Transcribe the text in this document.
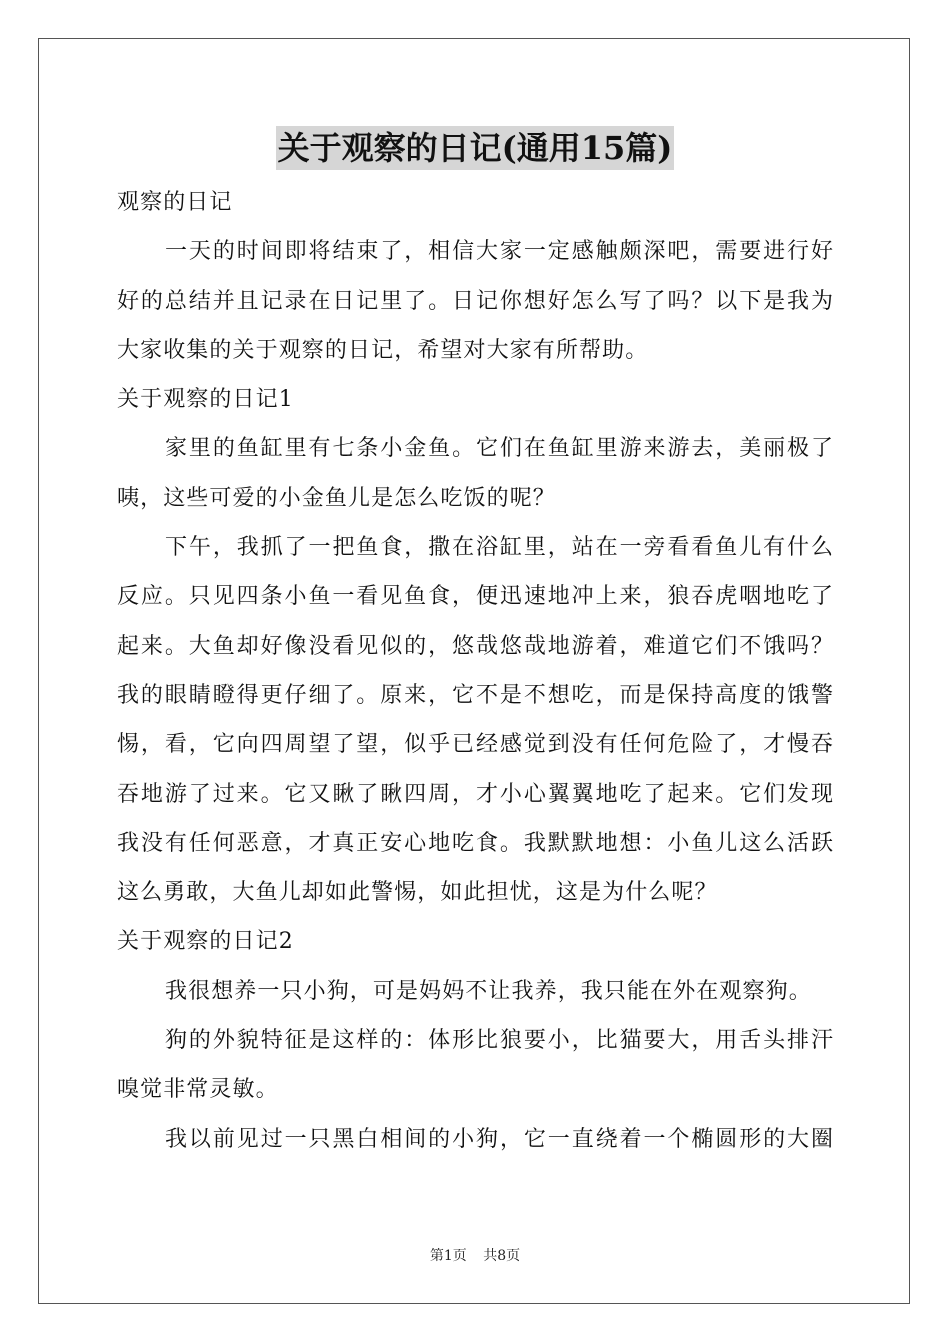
关于观察的日记(通用15篇)
观察的日记
一天的时间即将结束了，相信大家一定感触颇深吧，需要进行好
好的总结并且记录在日记里了。日记你想好怎么写了吗？以下是我为
大家收集的关于观察的日记，希望对大家有所帮助。
关于观察的日记1
家里的鱼缸里有七条小金鱼。它们在鱼缸里游来游去，美丽极了
咦，这些可爱的小金鱼儿是怎么吃饭的呢？
下午，我抓了一把鱼食，撒在浴缸里，站在一旁看看鱼儿有什么
反应。只见四条小鱼一看见鱼食，便迅速地冲上来，狼吞虎咽地吃了
起来。大鱼却好像没看见似的，悠哉悠哉地游着，难道它们不饿吗？
我的眼睛瞪得更仔细了。原来，它不是不想吃，而是保持高度的饿警
惕，看，它向四周望了望，似乎已经感觉到没有任何危险了，才慢吞
吞地游了过来。它又瞅了瞅四周，才小心翼翼地吃了起来。它们发现
我没有任何恶意，才真正安心地吃食。我默默地想：小鱼儿这么活跃
这么勇敢，大鱼儿却如此警惕，如此担忧，这是为什么呢？
关于观察的日记2
我很想养一只小狗，可是妈妈不让我养，我只能在外在观察狗。
狗的外貌特征是这样的：体形比狼要小，比猫要大，用舌头排汗
嗅觉非常灵敏。
我以前见过一只黑白相间的小狗，它一直绕着一个椭圆形的大圈
第1页 共8页
